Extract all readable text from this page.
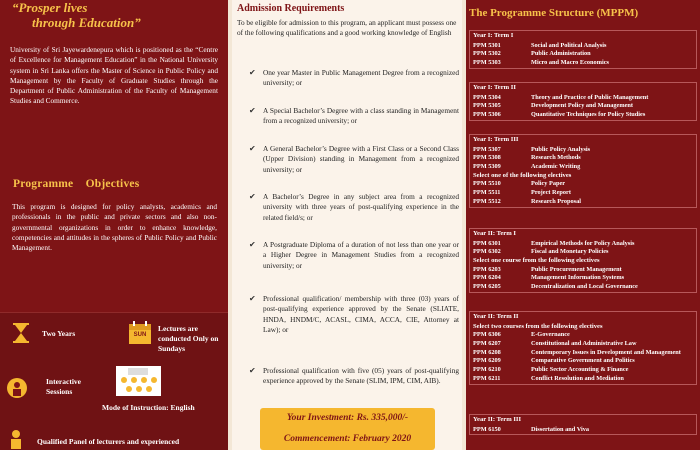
“Prosper lives
through Education”
University of Sri Jayewardenepura which is positioned as the “Centre of Excellence for Management Education” in the National University system in Sri Lanka offers the Master of Science in Public Policy and Management by the Faculty of Graduate Studies through the Department of Public Administration of the Faculty of Management Studies and Commerce.
Programme    Objectives
This program is designed for policy analysts, academics and professionals in the public and private sectors and also non-governmental organizations in order to enhance knowledge, competencies and attitudes in the spheres of Public Policy and Public Management.
Two Years	SUN
Lectures are conducted Only on Sundays
Interactive Sessions
Mode of Instruction: English
Qualified Panel of lecturers and experienced
Admission Requirements
To be eligible for admission to this program, an applicant must possess one of the following qualifications and a good working knowledge of English
✔ One year Master in Public Management Degree from a recognized university; or
✔ A Special Bachelor’s Degree with a class standing in Management from a recognized university; or
✔ A General Bachelor’s Degree with a First Class or a Second Class (Upper Division) standing in Management from a recognized university; or
✔ A Bachelor’s Degree in any subject area from a recognized university with three years of post-qualifying experience in the related field/s; or
✔ A Postgraduate Diploma of a duration of not less than one year or a Higher Degree in Management Studies from a recognized university; or
✔ Professional qualification/ membership with three (03) years of post-qualifying experience approved by the Senate (SLIATE, HNDA, HNDM/C, ACASL, CIMA, ACCA, CIE, Attorney at Law); or
✔ Professional qualification with five (05) years of post-qualifying experience approved by the Senate (SLIM, IPM, CIM, AIB).
Your Investment: Rs. 335,000/-
Commencement: February 2020
The Programme Structure (MPPM)
Year I: Term I
PPM 5301	Social and Political Analysis
PPM 5302	Public Administration
PPM 5303	Micro and Macro Economics
Year I: Term II
PPM 5304	Theory and Practice of Public Management
PPM 5305	Development Policy and Management
PPM 5306	Quantitative Techniques for Policy Studies
Year I: Term III
PPM 5307	Public Policy Analysis
PPM 5308	Research Methods
PPM 5309	Academic Writing
Select one of the following electives
PPM 5510	Policy Paper
PPM 5511	Project Report
PPM 5512	Research Proposal
Year II: Term I
PPM 6301	Empirical Methods for Policy Analysis
PPM 6302	Fiscal and Monetary Policies
Select one course from the following electives
PPM 6203	Public Procurement Management
PPM 6204	Management Information Systems
PPM 6205	Decentralization and Local Governance
Year II: Term II
Select two courses from the following electives
PPM 6306	E-Governance
PPM 6207	Constitutional and Administrative Law
PPM 6208	Contemporary Issues in Development and Management
PPM 6209	Comparative Government and Politics
PPM 6210	Public Sector Accounting & Finance
PPM 6211	Conflict Resolution and Mediation
Year II: Term III
PPM 6150	Dissertation and Viva
